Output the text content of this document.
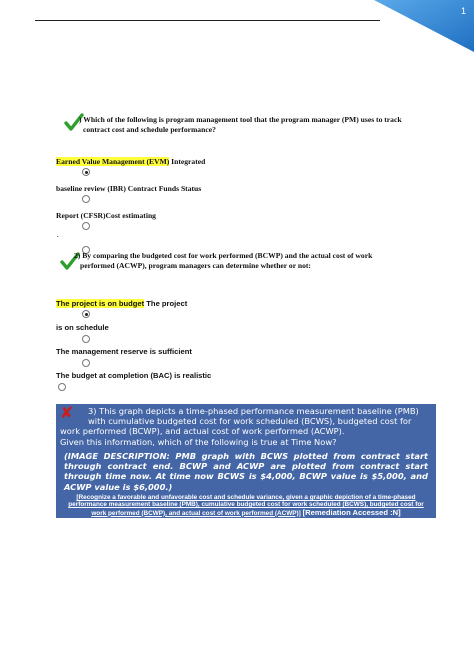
1
) Which of the following is program management tool that the program manager (PM) uses to track
contract cost and schedule performance?
Earned Value Management (EVM) Integrated
baseline review (IBR) Contract Funds Status
Report (CFSR)Cost estimating
.
2) By comparing the budgeted cost for work performed (BCWP) and the actual cost of work
performed (ACWP), program managers can determine whether or not:
The project is on budget The project
is on schedule
The management reserve is sufficient
The budget at completion (BAC) is realistic
3) This graph depicts a time-phased performance measurement baseline (PMB)
with cumulative budgeted cost for work scheduled (BCWS), budgeted cost for
work performed (BCWP), and actual cost of work performed (ACWP).
Given this information, which of the following is true at Time Now?
(IMAGE DESCRIPTION: PMB graph with BCWS plotted from contract start through contract end. BCWP and ACWP are plotted from contract start through time now. At time now BCWS is $4,000, BCWP value is $5,000, and ACWP value is $6,000.)
[Recognize a favorable and unfavorable cost and schedule variance, given a graphic depiction of a time-phased performance measurement baseline (PMB), cumulative budgeted cost for work scheduled (BCWS), budgeted cost for work performed (BCWP), and actual cost of work performed (ACWP)] [Remediation Accessed :N]
✘
